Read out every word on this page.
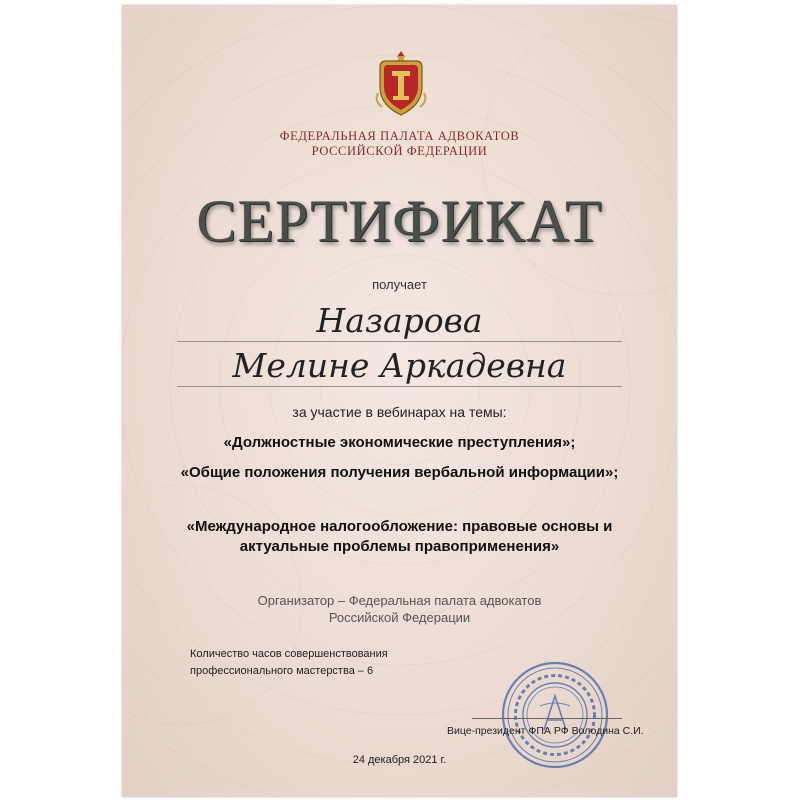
ФЕДЕРАЛЬНАЯ ПАЛАТА АДВОКАТОВ
РОССИЙСКОЙ ФЕДЕРАЦИИ
СЕРТИФИКАТ
получает
Назарова
Мелине Аркадевна
за участие в вебинарах на темы:
«Должностные экономические преступления»;
«Общие положения получения вербальной информации»;
«Международное налогообложение: правовые основы и актуальные проблемы правоприменения»
Организатор – Федеральная палата адвокатов
Российской Федерации
Количество часов совершенствования
профессионального мастерства – 6
Вице-президент ФПА РФ Володина С.И.
24 декабря 2021 г.
